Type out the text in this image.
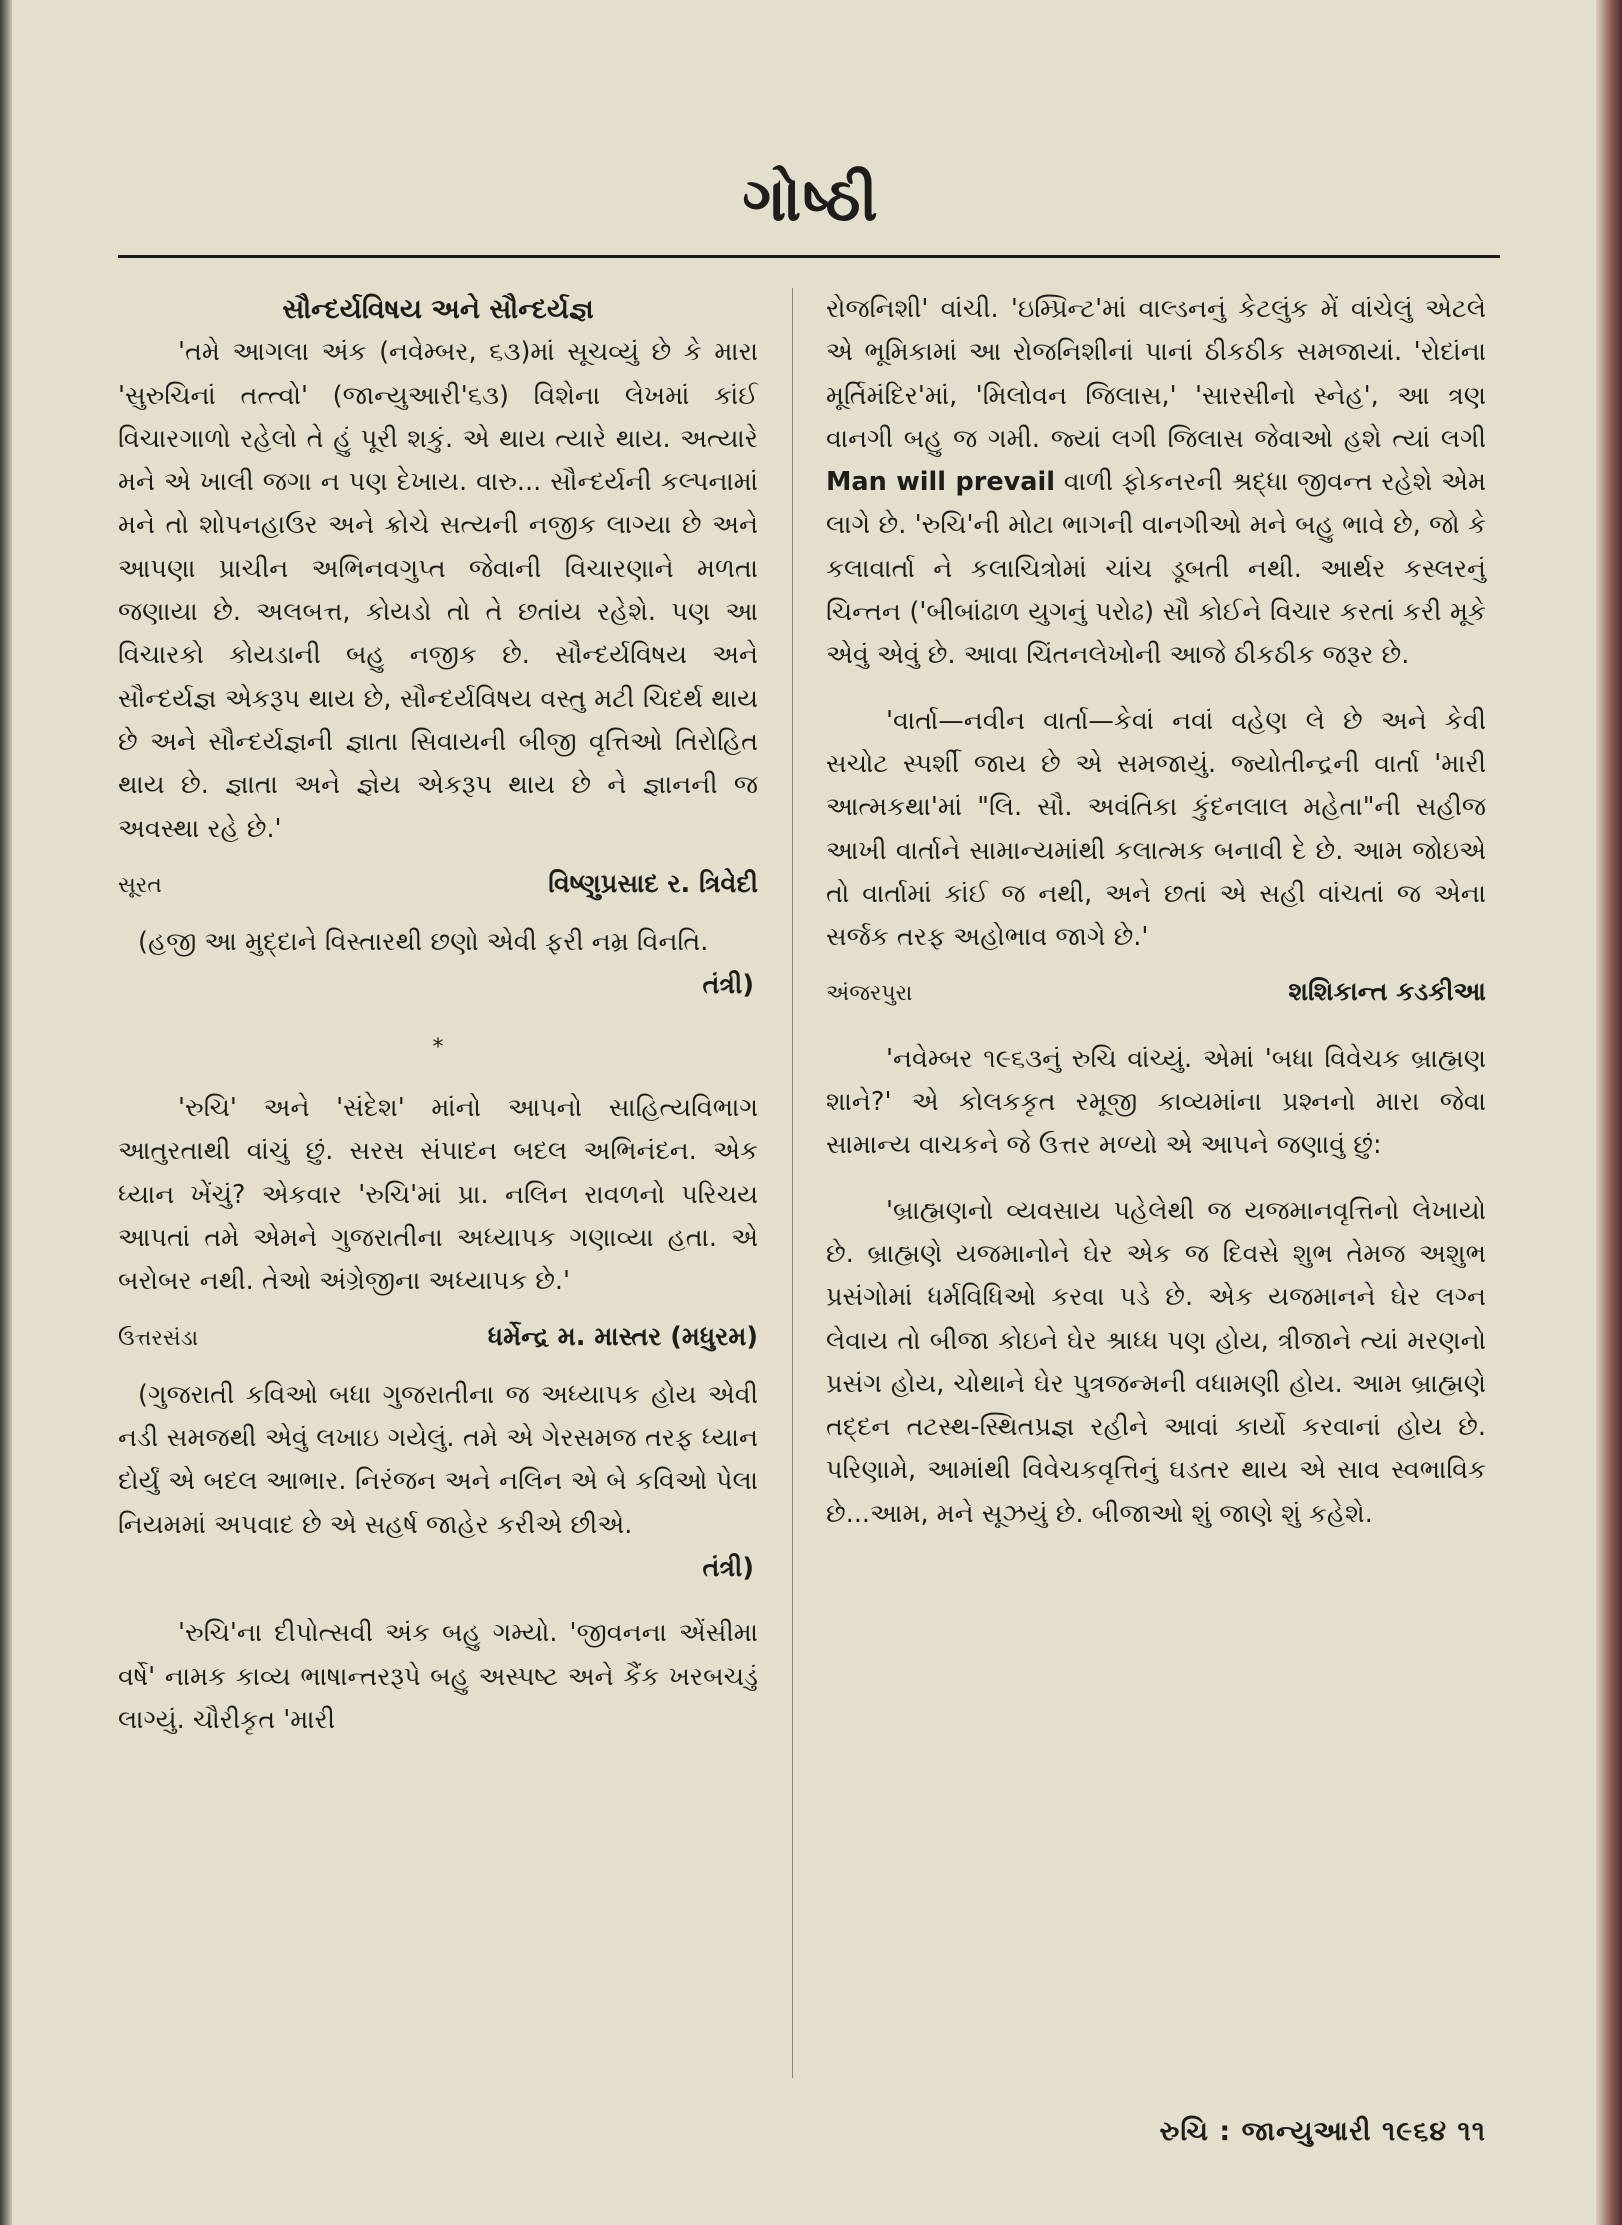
ગોષ્ઠી
સૌન્દર્યવિષય અને સૌન્દર્યજ્ઞ

'તમે આગલા અંક (નવેમ્બર, ૬૩)માં સૂચવ્યું છે કે મારા 'સુરુચિનાં તત્ત્વો' (જાન્યુઆરી'૬૩) વિશેના લેખમાં કાંઈ વિચારગાળો રહેલો તે હું પૂરી શકું. એ થાય ત્યારે થાય. અત્યારે મને એ ખાલી જગા ન પણ દેખાય. વારુ... સૌન્દર્યની કલ્પનામાં મને તો શોપનહાઉર અને ક્રોચે સત્યની નજીક લાગ્યા છે અને આપણા પ્રાચીન અભિનવગુપ્ત જેવાની વિચારણાને મળતા જણાયા છે. અલબત્ત, કોયડો તો તે છતાંય રહેશે. પણ આ વિચારકો કોયડાની બહુ નજીક છે. સૌન્દર્યવિષય અને સૌન્દર્યજ્ઞ એકરૂપ થાય છે, સૌન્દર્યવિષય વસ્તુ મટી ચિદર્થ થાય છે અને સૌન્દર્યજ્ઞની જ્ઞાતા સિવાયની બીજી વૃત્તિઓ તિરોહિત થાય છે. જ્ઞાતા અને જ્ઞેય એકરૂપ થાય છે ને જ્ઞાનની જ અવસ્થા રહે છે.'

સૂરત	વિષ્ણુપ્રસાદ ર. ત્રિવેદી

(હજી આ મુદ્દાને વિસ્તારથી છણો એવી ફરી નમ્ર વિનતિ.

તંત્રી)
*

'રુચિ' અને 'સંદેશ' માંનો આપનો સાહિત્યવિભાગ આતુરતાથી વાંચું છું. સરસ સંપાદન બદલ અભિનંદન. એક ધ્યાન ખેંચું? એકવાર 'રુચિ'માં પ્રા. નલિન રાવળનો પરિચય આપતાં તમે એમને ગુજરાતીના અધ્યાપક ગણાવ્યા હતા. એ બરોબર નથી. તેઓ અંગ્રેજીના અધ્યાપક છે.'

ઉત્તરસંડા	ધર્મેન્દ્ર મ. માસ્તર (મધુરમ)

(ગુજરાતી કવિઓ બધા ગુજરાતીના જ અધ્યાપક હોય એવી નડી સમજથી એવું લખાઇ ગયેલું. તમે એ ગેરસમજ તરફ ધ્યાન દોર્યું એ બદલ આભાર. નિરંજન અને નલિન એ બે કવિઓ પેલા નિયમમાં અપવાદ છે એ સહર્ષ જાહેર કરીએ છીએ.

તંત્રી)

'રુચિ'ના દીપોત્સવી અંક બહુ ગમ્યો. 'જીવનના એંસીમા વર્ષે' નામક કાવ્ય ભાષાન્તરરૂપે બહુ અસ્પષ્ટ અને કૈંક ખરબચડું લાગ્યું. ચૌરીકૃત 'મારી

રોજનિશી' વાંચી. 'ઇમ્પ્રિન્ટ'માં વાલ્ડનનું કેટલુંક મેં વાંચેલું એટલે એ ભૂમિકામાં આ રોજનિશીનાં પાનાં ઠીકઠીક સમજાયાં. 'રોદાંના મૂર્તિમંદિર'માં, 'મિલોવન જિલાસ,' 'સારસીનો સ્નેહ', આ ત્રણ વાનગી બહુ જ ગમી. જ્યાં લગી જિલાસ જેવાઓ હશે ત્યાં લગી Man will prevail વાળી ફોકનરની શ્રદ્ધા જીવન્ત રહેશે એમ લાગે છે. 'રુચિ'ની મોટા ભાગની વાનગીઓ મને બહુ ભાવે છે, જો કે કલાવાર્તા ને કલાચિત્રોમાં ચાંચ ડૂબતી નથી. આર્થર કસ્લરનું ચિન્તન ('બીબાંઢાળ યુગનું પરોઢ) સૌ કોઈને વિચાર કરતાં કરી મૂકે એવું એવું છે. આવા ચિંતનલેખોની આજે ઠીકઠીક જરૂર છે.

'વાર્તા—નવીન વાર્તા—કેવાં નવાં વહેણ લે છે અને કેવી સચોટ સ્પર્શી જાય છે એ સમજાયું. જ્યોતીન્દ્રની વાર્તા 'મારી આત્મકથા'માં "લિ. સૌ. અવંતિકા કુંદનલાલ મહેતા"ની સહીજ આખી વાર્તાને સામાન્યમાંથી કલાત્મક બનાવી દે છે. આમ જોઇએ તો વાર્તામાં કાંઈ જ નથી, અને છતાં એ સહી વાંચતાં જ એના સર્જક તરફ અહોભાવ જાગે છે.'

અંજરપુરા	શશિકાન્ત કડકીઆ

'નવેમ્બર ૧૯૬૩નું રુચિ વાંચ્યું. એમાં 'બધા વિવેચક બ્રાહ્મણ શાને?' એ કોલકકૃત રમૂજી કાવ્યમાંના પ્રશ્નનો મારા જેવા સામાન્ય વાચકને જે ઉત્તર મળ્યો એ આપને જણાવું છું:

'બ્રાહ્મણનો વ્યવસાય પહેલેથી જ યજમાનવૃત્તિનો લેખાયો છે. બ્રાહ્મણે યજમાનોને ઘેર એક જ દિવસે શુભ તેમજ અશુભ પ્રસંગોમાં ધર્મવિધિઓ કરવા પડે છે. એક યજમાનને ઘેર લગ્ન લેવાય તો બીજા કોઇને ઘેર શ્રાધ્ધ પણ હોય, ત્રીજાને ત્યાં મરણનો પ્રસંગ હોય, ચોથાને ઘેર પુત્રજન્મની વધામણી હોય. આમ બ્રાહ્મણે તદ્દન તટસ્થ-સ્થિતપ્રજ્ઞ રહીને આવાં કાર્યો કરવાનાં હોય છે. પરિણામે, આમાંથી વિવેચકવૃત્તિનું ઘડતર થાય એ સાવ સ્વભાવિક છે...આમ, મને સૂઝયું છે. બીજાઓ શું જાણે શું કહેશે.

રુચિ : જાન્યુઆરી ૧૯૬૪ ૧૧
